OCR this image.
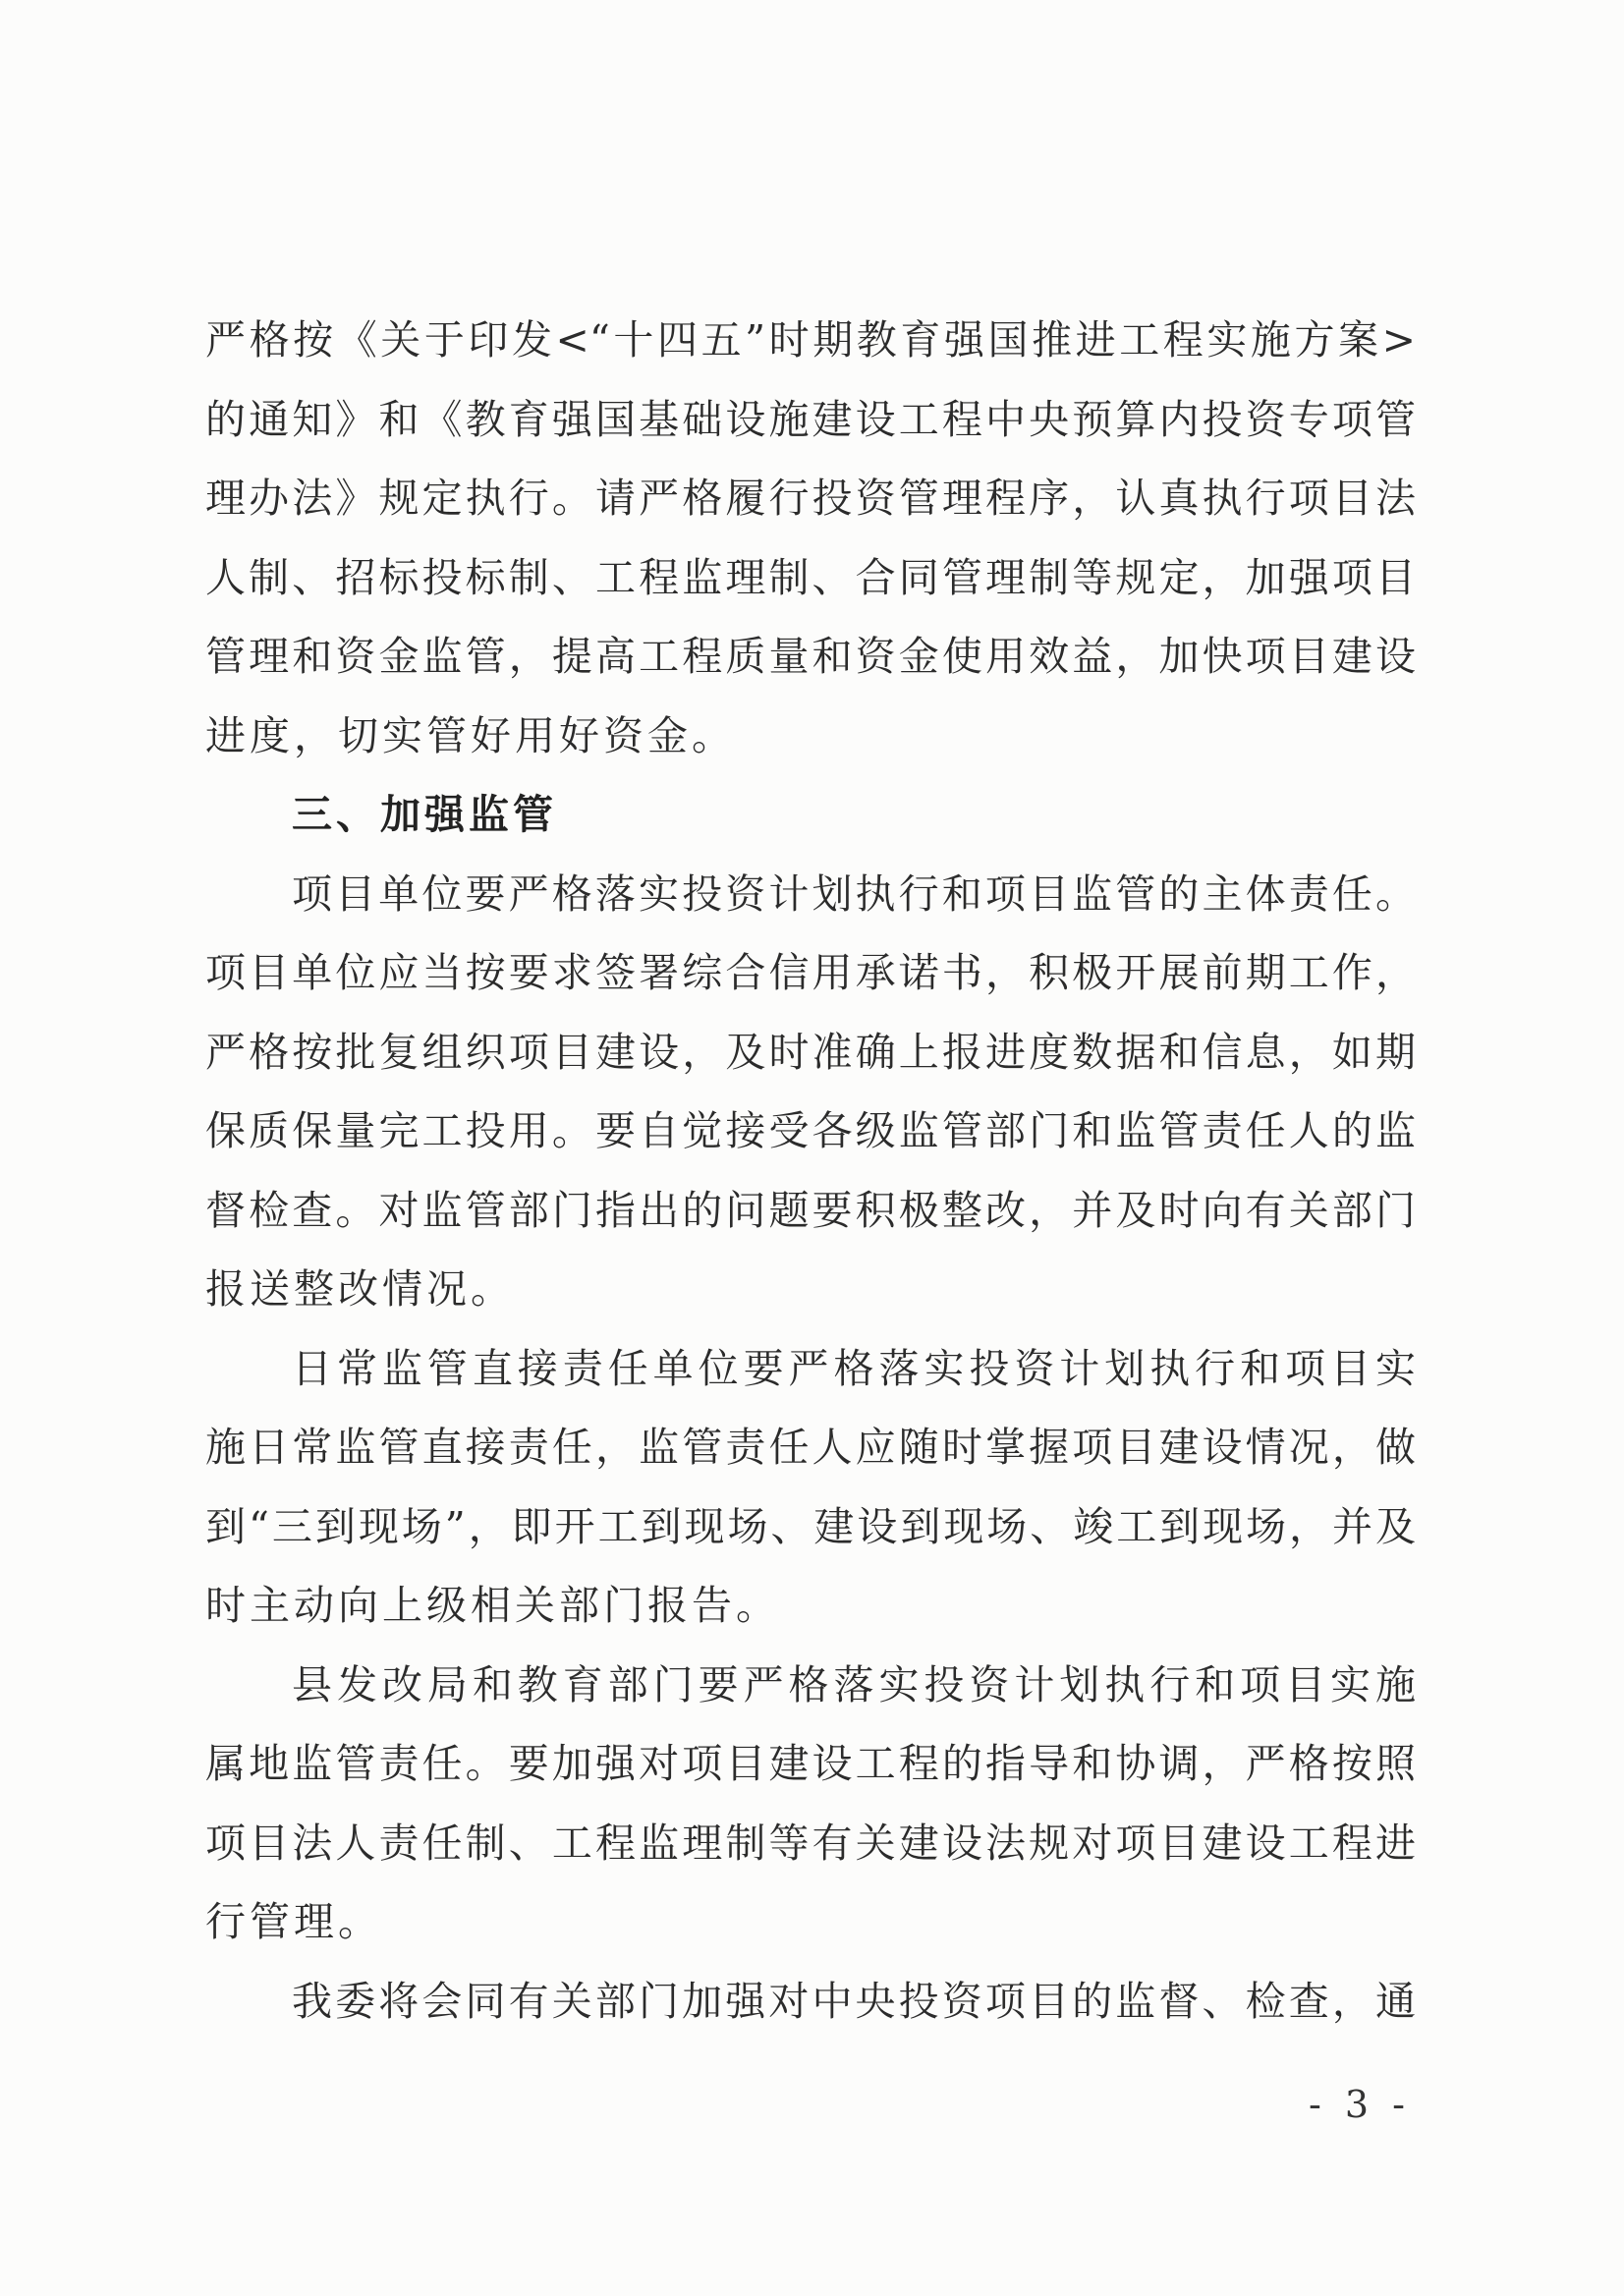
严格按《关于印发<“十四五”时期教育强国推进工程实施方案>
的通知》和《教育强国基础设施建设工程中央预算内投资专项管
理办法》规定执行。请严格履行投资管理程序，认真执行项目法
人制、招标投标制、工程监理制、合同管理制等规定，加强项目
管理和资金监管，提高工程质量和资金使用效益，加快项目建设
进度，切实管好用好资金。
三、加强监管
项目单位要严格落实投资计划执行和项目监管的主体责任。
项目单位应当按要求签署综合信用承诺书，积极开展前期工作，
严格按批复组织项目建设，及时准确上报进度数据和信息，如期
保质保量完工投用。要自觉接受各级监管部门和监管责任人的监
督检查。对监管部门指出的问题要积极整改，并及时向有关部门
报送整改情况。
日常监管直接责任单位要严格落实投资计划执行和项目实
施日常监管直接责任，监管责任人应随时掌握项目建设情况，做
到“三到现场”，即开工到现场、建设到现场、竣工到现场，并及
时主动向上级相关部门报告。
县发改局和教育部门要严格落实投资计划执行和项目实施
属地监管责任。要加强对项目建设工程的指导和协调，严格按照
项目法人责任制、工程监理制等有关建设法规对项目建设工程进
行管理。
我委将会同有关部门加强对中央投资项目的监督、检查，通
- 3 -
